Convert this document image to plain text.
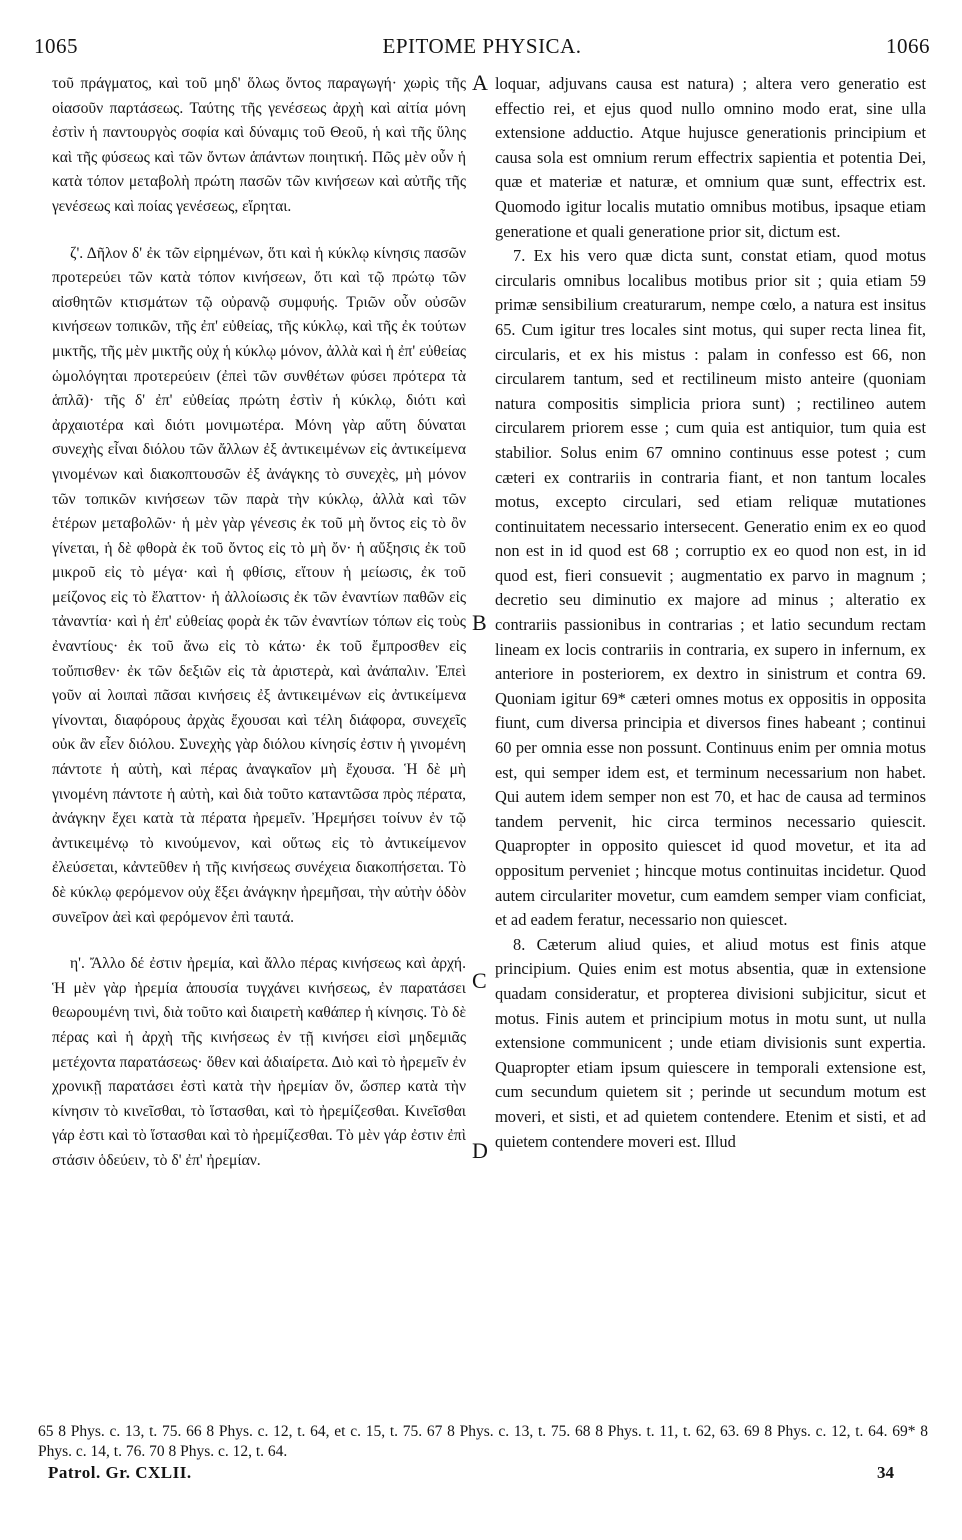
1065	EPITOME PHYSICA.	1066

τοῦ πράγματος, καὶ τοῦ μηδ' ὅλως ὄντος παραγωγή· χωρὶς τῆς οἱασοῦν παρτάσεως. Ταύτης τῆς γενέσεως ἀρχὴ καὶ αἰτία μόνη ἐστὶν ἡ παντουργὸς σοφία καὶ δύναμις τοῦ Θεοῦ, ἡ καὶ τῆς ὕλης καὶ τῆς φύσεως καὶ τῶν ὄντων ἁπάντων ποιητική. Πῶς μὲν οὖν ἡ κατὰ τόπον μεταβολὴ πρώτη πασῶν τῶν κινήσεων καὶ αὐτῆς τῆς γενέσεως καὶ ποίας γενέσεως, εἴρηται.

ζ'. Δῆλον δ' ἐκ τῶν εἰρημένων, ὅτι καὶ ἡ κύκλῳ κίνησις πασῶν προτερεύει τῶν κατὰ τόπον κινήσεων, ὅτι καὶ τῷ πρώτῳ τῶν αἰσθητῶν κτισμάτων τῷ οὐρανῷ συμφυής. Τριῶν οὖν οὐσῶν κινήσεων τοπικῶν, τῆς ἐπ' εὐθείας, τῆς κύκλῳ, καὶ τῆς ἐκ τούτων μικτῆς, τῆς μὲν μικτῆς οὐχ ἡ κύκλῳ μόνον, ἀλλὰ καὶ ἡ ἐπ' εὐθείας ὡμολόγηται προτερεύειν (ἐπεὶ τῶν συνθέτων φύσει πρότερα τὰ ἁπλᾶ)· τῆς δ' ἐπ' εὐθείας πρώτη ἐστὶν ἡ κύκλῳ, διότι καὶ ἀρχαιοτέρα καὶ διότι μονιμωτέρα. Μόνη γὰρ αὕτη δύναται συνεχὴς εἶναι διόλου τῶν ἄλλων ἐξ ἀντικειμένων εἰς ἀντικείμενα γινομένων καὶ διακοπτουσῶν ἐξ ἀνάγκης τὸ συνεχὲς, μὴ μόνον τῶν τοπικῶν κινήσεων τῶν παρὰ τὴν κύκλῳ, ἀλλὰ καὶ τῶν ἑτέρων μεταβολῶν· ἡ μὲν γὰρ γένεσις ἐκ τοῦ μὴ ὄντος εἰς τὸ ὂν γίνεται, ἡ δὲ φθορὰ ἐκ τοῦ ὄντος εἰς τὸ μὴ ὄν· ἡ αὔξησις ἐκ τοῦ μικροῦ εἰς τὸ μέγα· καὶ ἡ φθίσις, εἴτουν ἡ μείωσις, ἐκ τοῦ μείζονος εἰς τὸ ἔλαττον· ἡ ἀλλοίωσις ἐκ τῶν ἐναντίων παθῶν εἰς τἀναντία· καὶ ἡ ἐπ' εὐθείας φορὰ ἐκ τῶν ἐναντίων τόπων εἰς τοὺς ἐναντίους· ἐκ τοῦ ἄνω εἰς τὸ κάτω· ἐκ τοῦ ἔμπροσθεν εἰς τοὔπισθεν· ἐκ τῶν δεξιῶν εἰς τὰ ἀριστερὰ, καὶ ἀνάπαλιν. Ἐπεὶ γοῦν αἱ λοιπαὶ πᾶσαι κινήσεις ἐξ ἀντικειμένων εἰς ἀντικείμενα γίνονται, διαφόρους ἀρχὰς ἔχουσαι καὶ τέλη διάφορα, συνεχεῖς οὐκ ἂν εἶεν διόλου. Συνεχὴς γὰρ διόλου κίνησίς ἐστιν ἡ γινομένη πάντοτε ἡ αὐτὴ, καὶ πέρας ἀναγκαῖον μὴ ἔχουσα. Ἡ δὲ μὴ γινομένη πάντοτε ἡ αὐτὴ, καὶ διὰ τοῦτο καταντῶσα πρὸς πέρατα, ἀνάγκην ἔχει κατὰ τὰ πέρατα ἠρεμεῖν. Ἠρεμήσει τοίνυν ἐν τῷ ἀντικειμένῳ τὸ κινούμενον, καὶ οὕτως εἰς τὸ ἀντικείμενον ἐλεύσεται, κἀντεῦθεν ἡ τῆς κινήσεως συνέχεια διακοπήσεται. Τὸ δὲ κύκλῳ φερόμενον οὐχ ἕξει ἀνάγκην ἠρεμῆσαι, τὴν αὐτὴν ὁδὸν συνεῖρον ἀεὶ καὶ φερόμενον ἐπὶ ταυτά.

η'. Ἄλλο δέ ἐστιν ἠρεμία, καὶ ἄλλο πέρας κινήσεως καὶ ἀρχή. Ἡ μὲν γὰρ ἠρεμία ἀπουσία τυγχάνει κινήσεως, ἐν παρατάσει θεωρουμένη τινὶ, διὰ τοῦτο καὶ διαιρετὴ καθάπερ ἡ κίνησις. Τὸ δὲ πέρας καὶ ἡ ἀρχὴ τῆς κινήσεως ἐν τῇ κινήσει εἰσὶ μηδεμιᾶς μετέχοντα παρατάσεως· ὅθεν καὶ ἀδιαίρετα. Διὸ καὶ τὸ ἠρεμεῖν ἐν χρονικῇ παρατάσει ἐστὶ κατὰ τὴν ἠρεμίαν ὄν, ὥσπερ κατὰ τὴν κίνησιν τὸ κινεῖσθαι, τὸ ἵστασθαι, καὶ τὸ ἠρεμίζεσθαι. Κινεῖσθαι γάρ ἐστι καὶ τὸ ἵστασθαι καὶ τὸ ἠρεμίζεσθαι. Τὸ μὲν γάρ ἐστιν ἐπὶ στάσιν ὁδεύειν, τὸ δ' ἐπ' ἠρεμίαν.

A
B
C
D

loquar, adjuvans causa est natura) ; altera vero generatio est effectio rei, et ejus quod nullo omnino modo erat, sine ulla extensione adductio. Atque hujusce generationis principium et causa sola est omnium rerum effectrix sapientia et potentia Dei, quæ et materiæ et naturæ, et omnium quæ sunt, effectrix est. Quomodo igitur localis mutatio omnibus motibus, ipsaque etiam generatione et quali generatione prior sit, dictum est.

7. Ex his vero quæ dicta sunt, constat etiam, quod motus circularis omnibus localibus motibus prior sit ; quia etiam 59 primæ sensibilium creaturarum, nempe cœlo, a natura est insitus 65. Cum igitur tres locales sint motus, qui super recta linea fit, circularis, et ex his mistus : palam in confesso est 66, non circularem tantum, sed et rectilineum misto anteire (quoniam natura compositis simplicia priora sunt) ; rectilineo autem circularem priorem esse ; cum quia est antiquior, tum quia est stabilior. Solus enim 67 omnino continuus esse potest ; cum cæteri ex contrariis in contraria fiant, et non tantum locales motus, excepto circulari, sed etiam reliquæ mutationes continuitatem necessario intersecent. Generatio enim ex eo quod non est in id quod est 68 ; corruptio ex eo quod non est, in id quod est, fieri consuevit ; augmentatio ex parvo in magnum ; decretio seu diminutio ex majore ad minus ; alteratio ex contrariis passionibus in contrarias ; et latio secundum rectam lineam ex locis contrariis in contraria, ex supero in infernum, ex anteriore in posteriorem, ex dextro in sinistrum et contra 69. Quoniam igitur 69* cæteri omnes motus ex oppositis in opposita fiunt, cum diversa principia et diversos fines habeant ; continui 60 per omnia esse non possunt. Continuus enim per omnia motus est, qui semper idem est, et terminum necessarium non habet. Qui autem idem semper non est 70, et hac de causa ad terminos tandem pervenit, hic circa terminos necessario quiescit. Quapropter in opposito quiescet id quod movetur, et ita ad oppositum perveniet ; hincque motus continuitas incidetur. Quod autem circulariter movetur, cum eamdem semper viam conficiat, et ad eadem feratur, necessario non quiescet.

8. Cæterum aliud quies, et aliud motus est finis atque principium. Quies enim est motus absentia, quæ in extensione quadam consideratur, et propterea divisioni subjicitur, sicut et motus. Finis autem et principium motus in motu sunt, ut nulla extensione communicent ; unde etiam divisionis sunt expertia. Quapropter etiam ipsum quiescere in temporali extensione est, cum secundum quietem sit ; perinde ut secundum motum est moveri, et sisti, et ad quietem contendere. Etenim et sisti, et ad quietem contendere moveri est. Illud

65 8 Phys. c. 13, t. 75. 66 8 Phys. c. 12, t. 64, et c. 15, t. 75. 67 8 Phys. c. 13, t. 75. 68 8 Phys. t. 11, t. 62, 63. 69 8 Phys. c. 12, t. 64. 69* 8 Phys. c. 14, t. 76. 70 8 Phys. c. 12, t. 64.
Patrol. Gr. CXLII.	34
